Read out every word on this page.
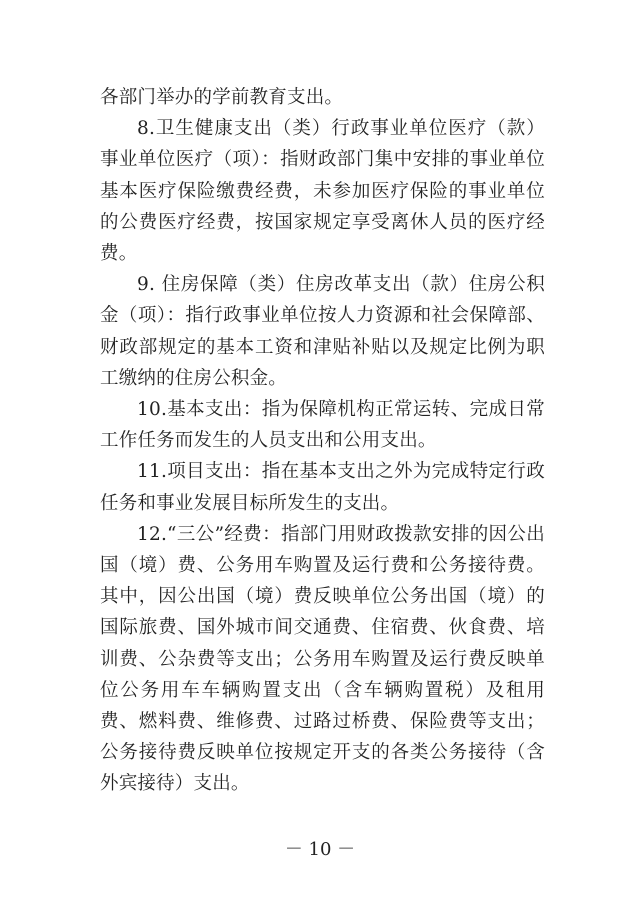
各部门举办的学前教育支出。

8.卫生健康支出（类）行政事业单位医疗（款）事业单位医疗（项）：指财政部门集中安排的事业单位基本医疗保险缴费经费，未参加医疗保险的事业单位的公费医疗经费，按国家规定享受离休人员的医疗经费。

9. 住房保障（类）住房改革支出（款）住房公积金（项）：指行政事业单位按人力资源和社会保障部、财政部规定的基本工资和津贴补贴以及规定比例为职工缴纳的住房公积金。

10.基本支出：指为保障机构正常运转、完成日常工作任务而发生的人员支出和公用支出。

11.项目支出：指在基本支出之外为完成特定行政任务和事业发展目标所发生的支出。

12.“三公”经费：指部门用财政拨款安排的因公出国（境）费、公务用车购置及运行费和公务接待费。其中，因公出国（境）费反映单位公务出国（境）的国际旅费、国外城市间交通费、住宿费、伙食费、培训费、公杂费等支出；公务用车购置及运行费反映单位公务用车车辆购置支出（含车辆购置税）及租用费、燃料费、维修费、过路过桥费、保险费等支出；公务接待费反映单位按规定开支的各类公务接待（含外宾接待）支出。

－ 10 －
